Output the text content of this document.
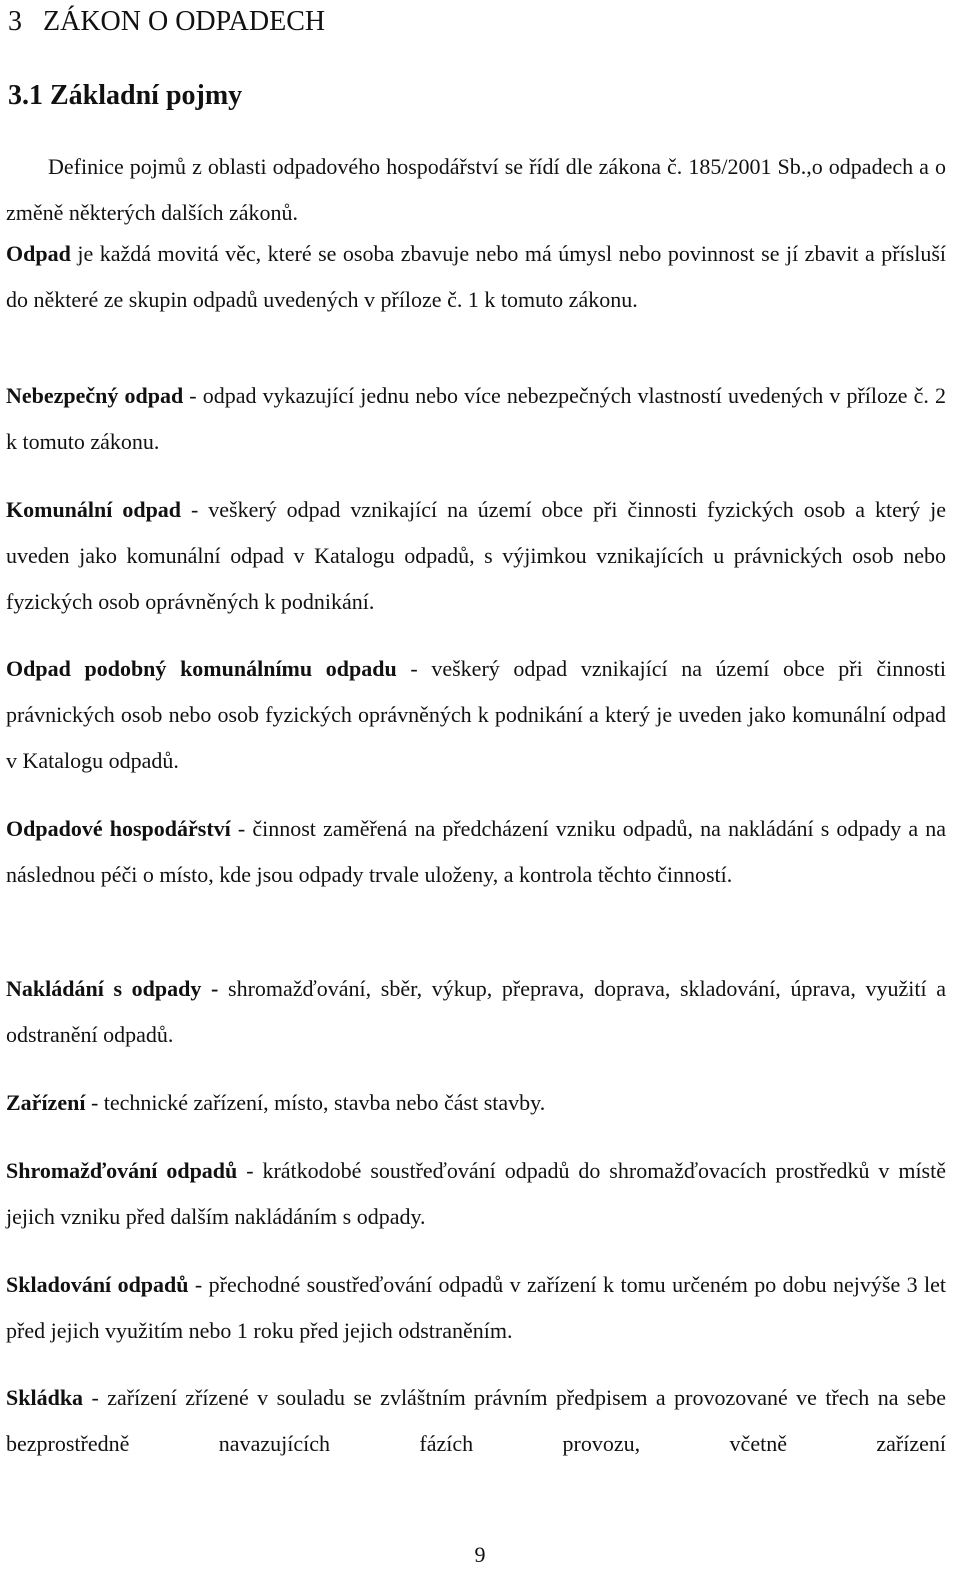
3 ZÁKON O ODPADECH
3.1 Základní pojmy

Definice pojmů z oblasti odpadového hospodářství se řídí dle zákona č. 185/2001 Sb.,o odpadech a o změně některých dalších zákonů.

Odpad je každá movitá věc, které se osoba zbavuje nebo má úmysl nebo povinnost se jí zbavit a přísluší do některé ze skupin odpadů uvedených v příloze č. 1 k tomuto zákonu.

Nebezpečný odpad - odpad vykazující jednu nebo více nebezpečných vlastností uvedených v příloze č. 2 k tomuto zákonu.

Komunální odpad - veškerý odpad vznikající na území obce při činnosti fyzických osob a který je uveden jako komunální odpad v Katalogu odpadů, s výjimkou vznikajících u právnických osob nebo fyzických osob oprávněných k podnikání.

Odpad podobný komunálnímu odpadu - veškerý odpad vznikající na území obce při činnosti právnických osob nebo osob fyzických oprávněných k podnikání a který je uveden jako komunální odpad v Katalogu odpadů.

Odpadové hospodářství - činnost zaměřená na předcházení vzniku odpadů, na nakládání s odpady a na následnou péči o místo, kde jsou odpady trvale uloženy, a kontrola těchto činností.

Nakládání s odpady - shromažďování, sběr, výkup, přeprava, doprava, skladování, úprava, využití a odstranění odpadů.

Zařízení - technické zařízení, místo, stavba nebo část stavby.

Shromažďování odpadů - krátkodobé soustřeďování odpadů do shromažďovacích prostředků v místě jejich vzniku před dalším nakládáním s odpady.

Skladování odpadů - přechodné soustřeďování odpadů v zařízení k tomu určeném po dobu nejvýše 3 let před jejich využitím nebo 1 roku před jejich odstraněním.

Skládka - zařízení zřízené v souladu se zvláštním právním předpisem a provozované ve třech na sebe bezprostředně navazujících fázích provozu, včetně zařízení

9
